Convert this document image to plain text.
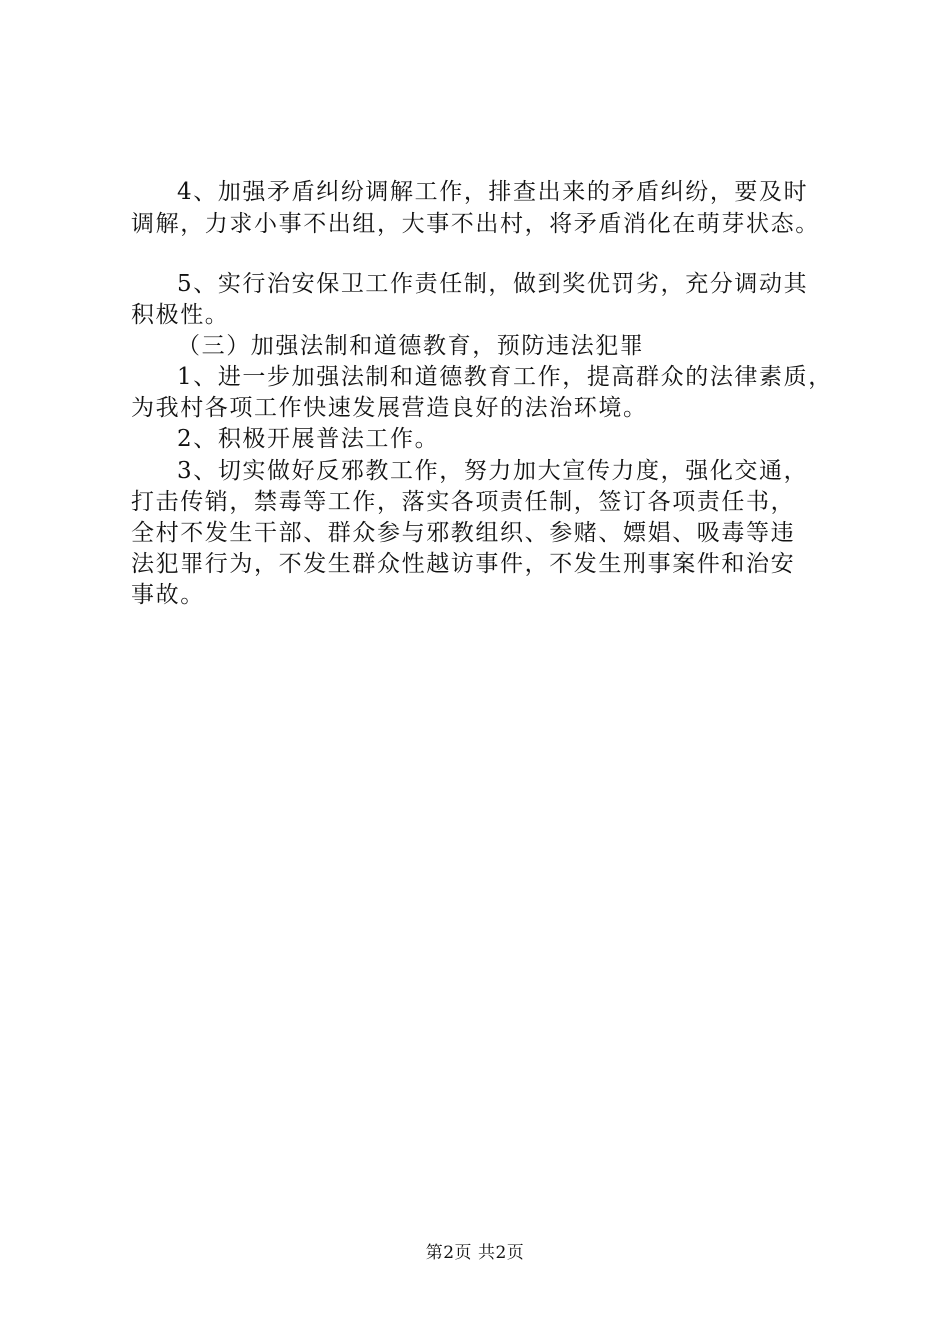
4、加强矛盾纠纷调解工作，排查出来的矛盾纠纷，要及时
调解，力求小事不出组，大事不出村，将矛盾消化在萌芽状态。
5、实行治安保卫工作责任制，做到奖优罚劣，充分调动其
积极性。
（三）加强法制和道德教育，预防违法犯罪
1、进一步加强法制和道德教育工作，提高群众的法律素质，
为我村各项工作快速发展营造良好的法治环境。
2、积极开展普法工作。
3、切实做好反邪教工作，努力加大宣传力度，强化交通，
打击传销，禁毒等工作，落实各项责任制，签订各项责任书，
全村不发生干部、群众参与邪教组织、参赌、嫖娼、吸毒等违
法犯罪行为，不发生群众性越访事件，不发生刑事案件和治安
事故。
第2页 共2页
